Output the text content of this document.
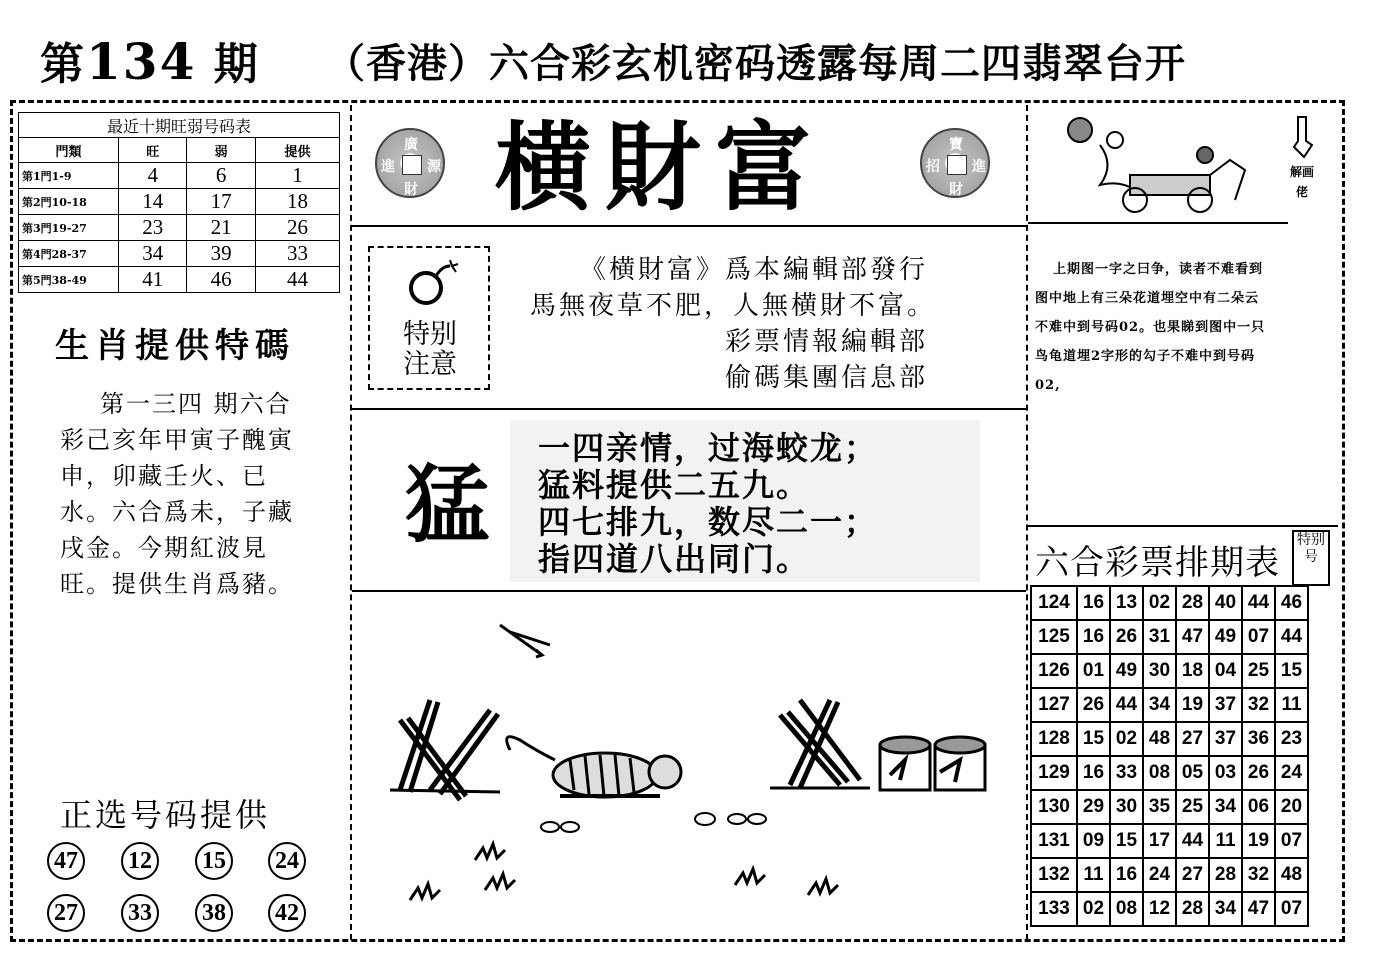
第134 期 （香港）六合彩玄机密码透露每周二四翡翠台开
最近十期旺弱号码表			
門類	旺	弱	提供
第1門1-9	4	6	1
第2門10-18	14	17	18
第3門19-27	23	21	26
第4門28-37	34	39	33
第5門38-49	41	46	44
生肖提供特碼

第一三四 期六合

彩己亥年甲寅子醜寅

申，卯藏壬火、已

水。六合爲未，子藏

戌金。今期紅波見

旺。提供生肖爲豬。

正选号码提供
47 12 15 24
27 33 38 42
廣
進 源
財 横財富	寶
招 進
財
特别
注意
《横財富》爲本編輯部發行
馬無夜草不肥，人無横財不富。
彩票情報編輯部
偷碼集團信息部
猛
一四亲情，过海蛟龙；
猛料提供二五九。
四七排九，数尽二一；
指四道八出同门。
解画佬

上期图一字之曰争，读者不难看到

图中地上有三朵花道埋空中有二朵云

不难中到号码02。也果睇到图中一只

鸟龟道埋2字形的勾子不难中到号码

02,

六合彩票排期表
特别号
124	16	13	02	28	40	44	46
125	16	26	31	47	49	07	44
126	01	49	30	18	04	25	15
127	26	44	34	19	37	32	11
128	15	02	48	27	37	36	23
129	16	33	08	05	03	26	24
130	29	30	35	25	34	06	20
131	09	15	17	44	11	19	07
132	11	16	24	27	28	32	48
133	02	08	12	28	34	47	07
